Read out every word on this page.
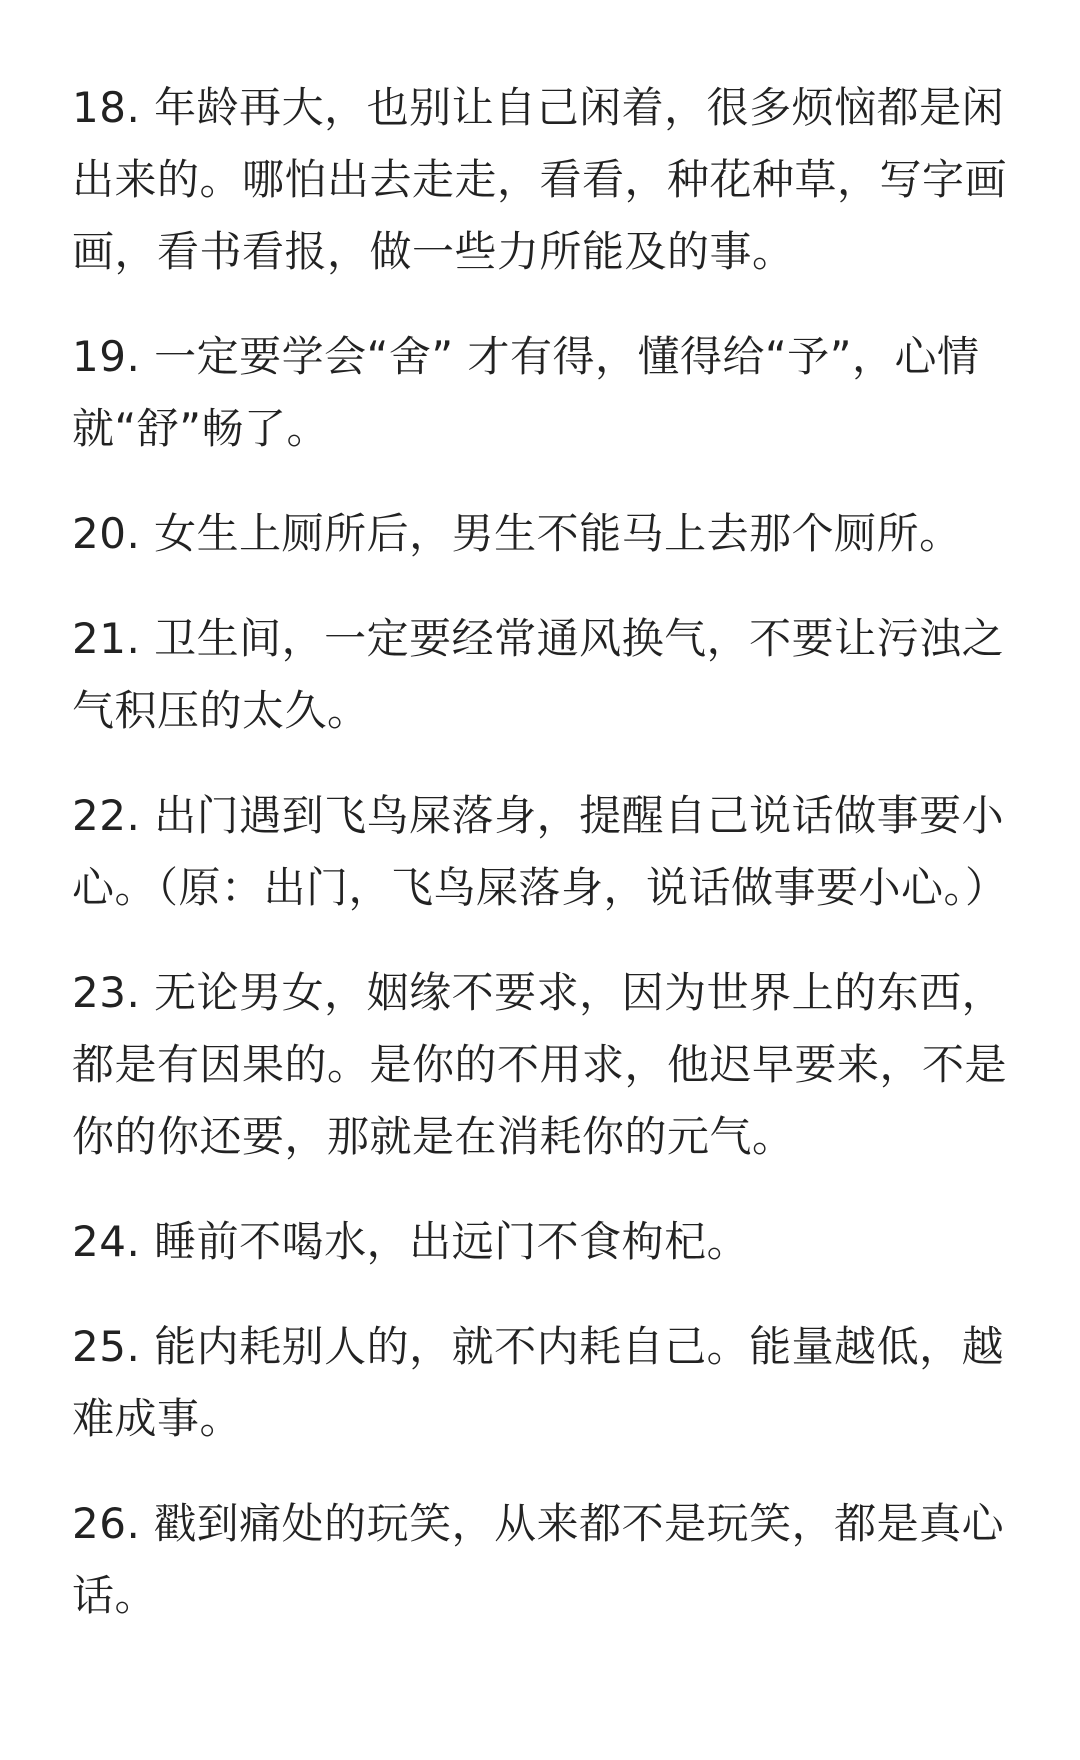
18. 年龄再大，也别让自己闲着，很多烦恼都是闲出来的。哪怕出去走走，看看，种花种草，写字画画，看书看报，做一些力所能及的事。

19. 一定要学会“舍” 才有得，懂得给“予”，心情就“舒”畅了。

20. 女生上厕所后，男生不能马上去那个厕所。

21. 卫生间，一定要经常通风换气，不要让污浊之气积压的太久。

22. 出门遇到飞鸟屎落身，提醒自己说话做事要小心。（原：出门，飞鸟屎落身，说话做事要小心。）

23. 无论男女，姻缘不要求，因为世界上的东西，都是有因果的。是你的不用求，他迟早要来，不是你的你还要，那就是在消耗你的元气。

24. 睡前不喝水，出远门不食枸杞。

25. 能内耗别人的，就不内耗自己。能量越低，越难成事。

26. 戳到痛处的玩笑，从来都不是玩笑，都是真心话。
